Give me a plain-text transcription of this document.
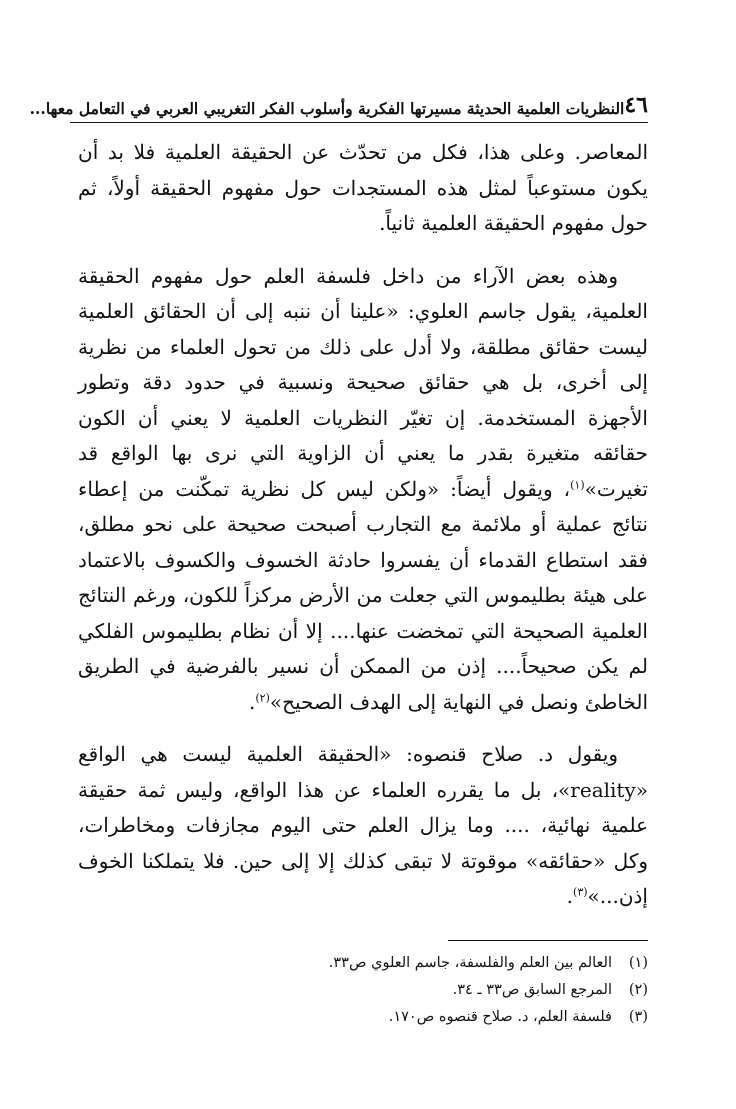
٤٦
النظريات العلمية الحديثة مسيرتها الفكرية وأسلوب الفكر التغريبي العربي في التعامل معها...

المعاصر. وعلى هذا، فكل من تحدّث عن الحقيقة العلمية فلا بد أن يكون مستوعباً لمثل هذه المستجدات حول مفهوم الحقيقة أولاً، ثم حول مفهوم الحقيقة العلمية ثانياً.

وهذه بعض الآراء من داخل فلسفة العلم حول مفهوم الحقيقة العلمية، يقول جاسم العلوي: «علينا أن ننبه إلى أن الحقائق العلمية ليست حقائق مطلقة، ولا أدل على ذلك من تحول العلماء من نظرية إلى أخرى، بل هي حقائق صحيحة ونسبية في حدود دقة وتطور الأجهزة المستخدمة. إن تغيّر النظريات العلمية لا يعني أن الكون حقائقه متغيرة بقدر ما يعني أن الزاوية التي نرى بها الواقع قد تغيرت»$^{(١)}$، ويقول أيضاً: «ولكن ليس كل نظرية تمكّنت من إعطاء نتائج عملية أو ملائمة مع التجارب أصبحت صحيحة على نحو مطلق، فقد استطاع القدماء أن يفسروا حادثة الخسوف والكسوف بالاعتماد على هيئة بطليموس التي جعلت من الأرض مركزاً للكون، ورغم النتائج العلمية الصحيحة التي تمخضت عنها.... إلا أن نظام بطليموس الفلكي لم يكن صحيحاً.... إذن من الممكن أن نسير بالفرضية في الطريق الخاطئ ونصل في النهاية إلى الهدف الصحيح»$^{(٢)}$.

ويقول د. صلاح قنصوه: «الحقيقة العلمية ليست هي الواقع «reality»، بل ما يقرره العلماء عن هذا الواقع، وليس ثمة حقيقة علمية نهائية، .... وما يزال العلم حتى اليوم مجازفات ومخاطرات، وكل «حقائقه» موقوتة لا تبقى كذلك إلا إلى حين. فلا يتملكنا الخوف إذن...»$^{(٣)}$.

(١)
العالم بين العلم والفلسفة، جاسم العلوي ص٣٣.
(٢)
المرجع السابق ص٣٣ ـ ٣٤.
(٣)
فلسفة العلم، د. صلاح قنصوه ص١٧٠.
